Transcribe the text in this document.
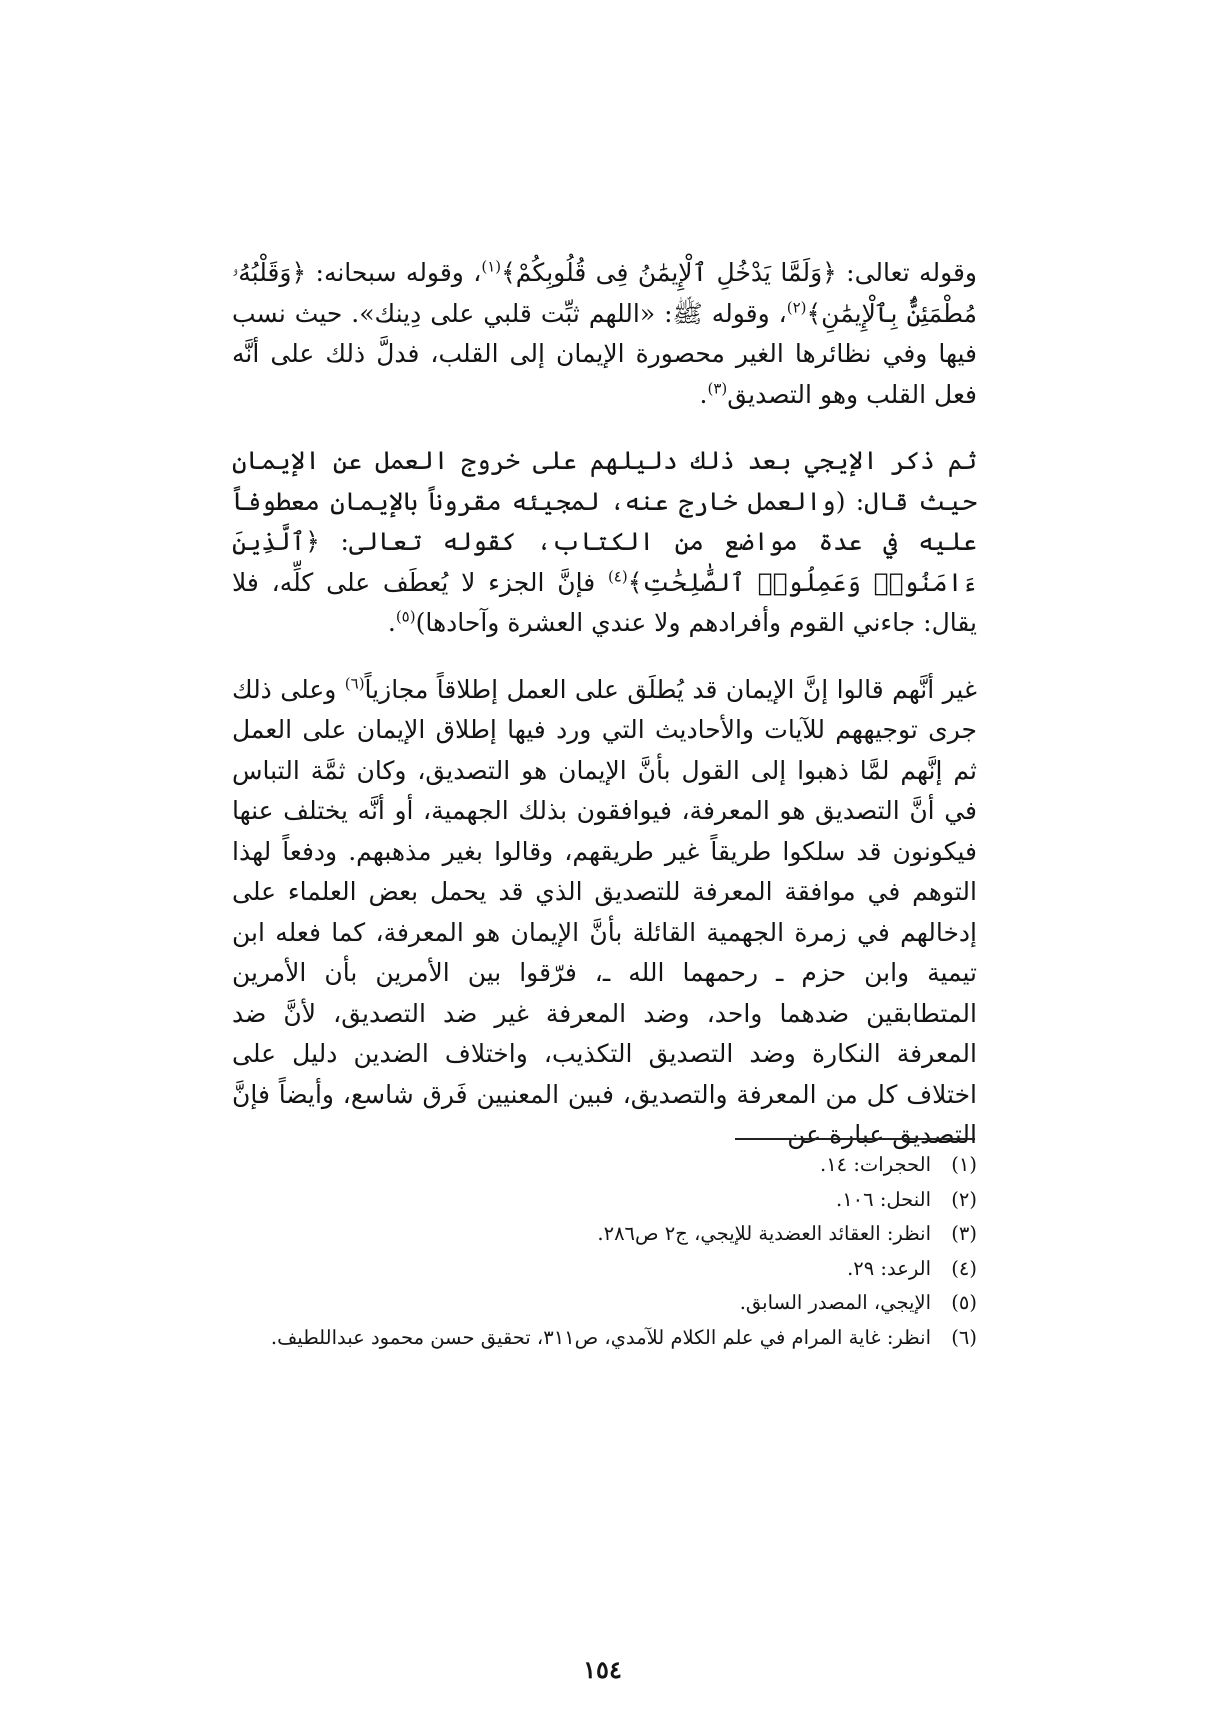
وقوله تعالى: ﴿وَلَمَّا يَدْخُلِ ٱلْإِيمَٰنُ فِى قُلُوبِكُمْ﴾$^{(١)}$، وقوله سبحانه: ﴿وَقَلْبُهُۥ مُطْمَئِنٌّۢ بِٱلْإِيمَٰنِ﴾$^{(٢)}$، وقوله ﷺ: «اللهم ثبِّت قلبي على دِينك». حيث نسب فيها وفي نظائرها الغير محصورة الإيمان إلى القلب، فدلَّ ذلك على أنَّه فعل القلب وهو التصديق$^{(٣)}$.

ثم ذكر الإيجي بعد ذلك دليلهم على خروج العمل عن الإيمان حيث قال: (والعمل خارج عنه، لمجيئه مقروناً بالإيمان معطوفاً عليه في عدة مواضع من الكتاب، كقوله تعالى: ﴿ٱلَّذِينَ ءَامَنُوا۟ وَعَمِلُوا۟ ٱلصَّٰلِحَٰتِ﴾$^{(٤)}$ فإنَّ الجزء لا يُعطَف على كلِّه، فلا يقال: جاءني القوم وأفرادهم ولا عندي العشرة وآحادها)$^{(٥)}$.

غير أنَّهم قالوا إنَّ الإيمان قد يُطلَق على العمل إطلاقاً مجازياً$^{(٦)}$ وعلى ذلك جرى توجيههم للآيات والأحاديث التي ورد فيها إطلاق الإيمان على العمل ثم إنَّهم لمَّا ذهبوا إلى القول بأنَّ الإيمان هو التصديق، وكان ثمَّة التباس في أنَّ التصديق هو المعرفة، فيوافقون بذلك الجهمية، أو أنَّه يختلف عنها فيكونون قد سلكوا طريقاً غير طريقهم، وقالوا بغير مذهبهم. ودفعاً لهذا التوهم في موافقة المعرفة للتصديق الذي قد يحمل بعض العلماء على إدخالهم في زمرة الجهمية القائلة بأنَّ الإيمان هو المعرفة، كما فعله ابن تيمية وابن حزم ـ رحمهما الله ـ، فرّقوا بين الأمرين بأن الأمرين المتطابقين ضدهما واحد، وضد المعرفة غير ضد التصديق، لأنَّ ضد المعرفة النكارة وضد التصديق التكذيب، واختلاف الضدين دليل على اختلاف كل من المعرفة والتصديق، فبين المعنيين فَرق شاسع، وأيضاً فإنَّ التصديق عبارة عن

(١)
الحجرات: ١٤.
(٢)
النحل: ١٠٦.
(٣)
انظر: العقائد العضدية للإيجي، ج٢ ص٢٨٦.
(٤)
الرعد: ٢٩.
(٥)
الإيجي، المصدر السابق.
(٦)
انظر: غاية المرام في علم الكلام للآمدي، ص٣١١، تحقيق حسن محمود عبداللطيف.
١٥٤
